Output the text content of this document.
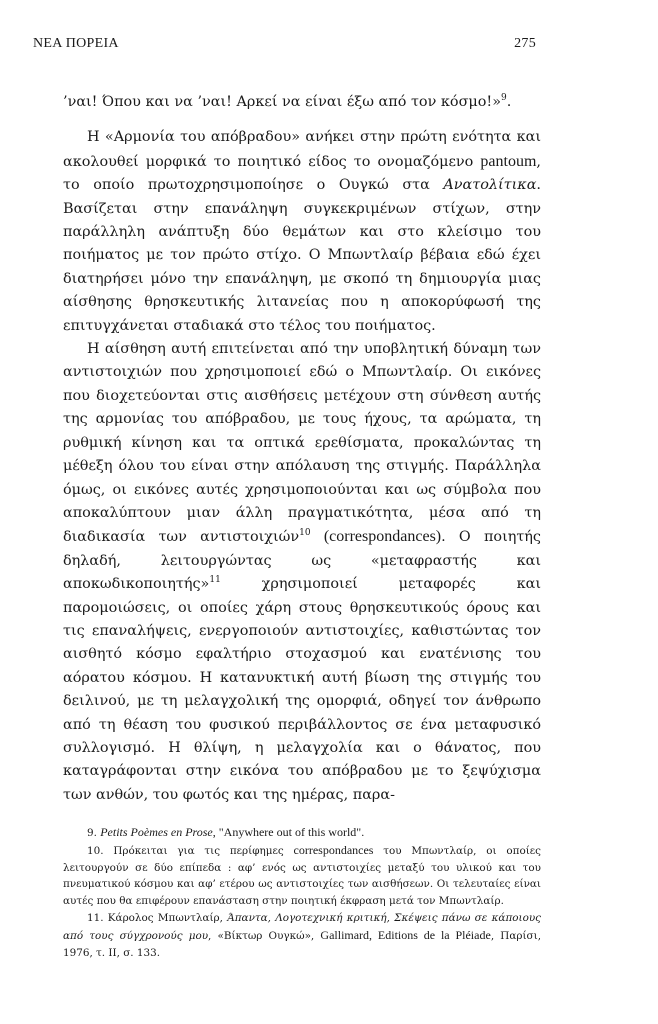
ΝΕΑ ΠΟΡΕΙΑ	275

’ναι! Όπου και να ’ναι! Αρκεί να είναι έξω από τον κόσμο!»$^9$.

Η «Αρμονία του απόβραδου» ανήκει στην πρώτη ενότητα και ακολουθεί μορφικά το ποιητικό είδος το ονομαζόμενο pantoum, το οποίο πρωτοχρησιμοποίησε ο Ουγκώ στα Ανατολίτικα. Βασίζεται στην επανάληψη συγκεκριμένων στίχων, στην παράλληλη ανάπτυξη δύο θεμάτων και στο κλείσιμο του ποιήματος με τον πρώτο στίχο. Ο Μπωντλαίρ βέβαια εδώ έχει διατηρήσει μόνο την επανάληψη, με σκοπό τη δημιουργία μιας αίσθησης θρησκευτικής λιτανείας που η αποκορύφωσή της επιτυγχάνεται σταδιακά στο τέλος του ποιήματος.

Η αίσθηση αυτή επιτείνεται από την υποβλητική δύναμη των αντιστοιχιών που χρησιμοποιεί εδώ ο Μπωντλαίρ. Οι εικόνες που διοχετεύονται στις αισθήσεις μετέχουν στη σύνθεση αυτής της αρμονίας του απόβραδου, με τους ήχους, τα αρώματα, τη ρυθμική κίνηση και τα οπτικά ερεθίσματα, προκαλώντας τη μέθεξη όλου του είναι στην απόλαυση της στιγμής. Παράλληλα όμως, οι εικόνες αυτές χρησιμοποιούνται και ως σύμβολα που αποκαλύπτουν μιαν άλλη πραγματικότητα, μέσα από τη διαδικασία των αντιστοιχιών$^{10}$ (correspondances). Ο ποιητής δηλαδή, λειτουργώντας ως «μεταφραστής και αποκωδικοποιητής»$^{11}$ χρησιμοποιεί μεταφορές και παρομοιώσεις, οι οποίες χάρη στους θρησκευτικούς όρους και τις επαναλήψεις, ενεργοποιούν αντιστοιχίες, καθιστώντας τον αισθητό κόσμο εφαλτήριο στοχασμού και ενατένισης του αόρατου κόσμου. Η κατανυκτική αυτή βίωση της στιγμής του δειλινού, με τη μελαγχολική της ομορφιά, οδηγεί τον άνθρωπο από τη θέαση του φυσικού περιβάλλοντος σε ένα μεταφυσικό συλλογισμό. Η θλίψη, η μελαγχολία και ο θάνατος, που καταγράφονται στην εικόνα του απόβραδου με το ξεψύχισμα των ανθών, του φωτός και της ημέρας, παρα-

9. Petits Poèmes en Prose, "Anywhere out of this world".

10. Πρόκειται για τις περίφημες correspondances του Μπωντλαίρ, οι οποίες λειτουργούν σε δύο επίπεδα : αφ’ ενός ως αντιστοιχίες μεταξύ του υλικού και του πνευματικού κόσμου και αφ’ ετέρου ως αντιστοιχίες των αισθήσεων. Οι τελευταίες είναι αυτές που θα επιφέρουν επανάσταση στην ποιητική έκφραση μετά τον Μπωντλαίρ.

11. Κάρολος Μπωντλαίρ, Άπαντα, Λογοτεχνική κριτική, Σκέψεις πάνω σε κάποιους από τους σύγχρονούς μου, «Βίκτωρ Ουγκώ», Gallimard, Editions de la Pléiade, Παρίσι, 1976, τ. ΙΙ, σ. 133.
